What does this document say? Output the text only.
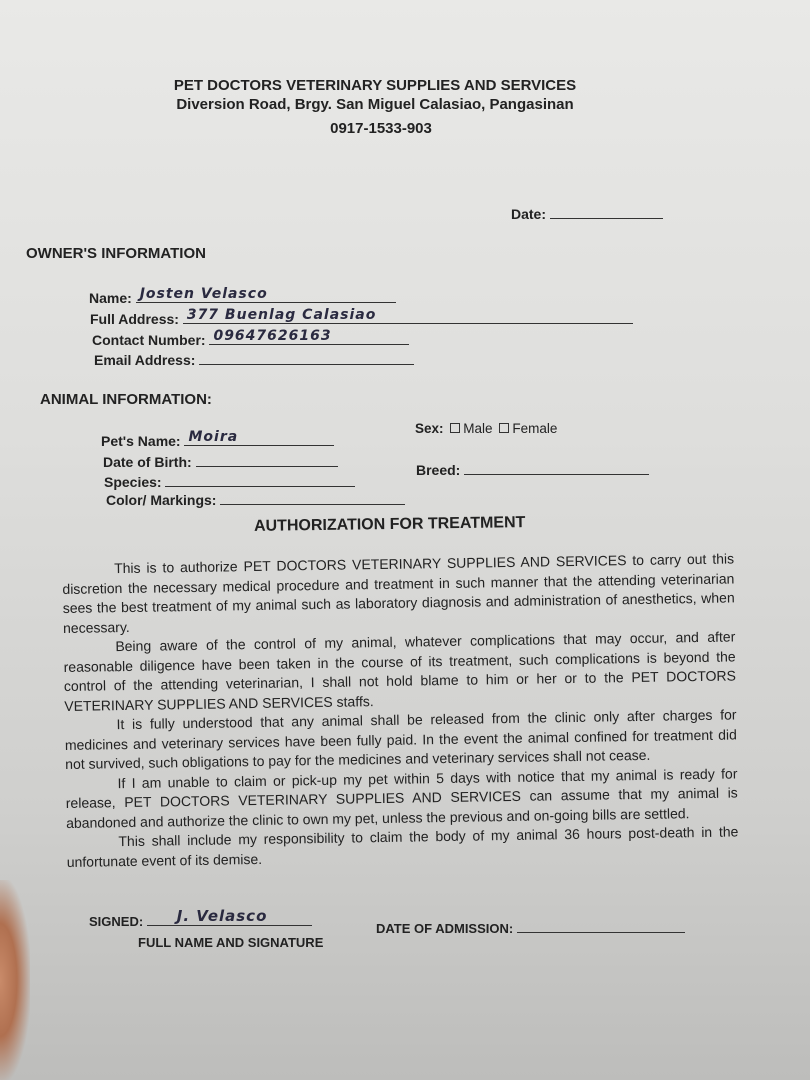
PET DOCTORS VETERINARY SUPPLIES AND SERVICES
Diversion Road, Brgy. San Miguel Calasiao, Pangasinan
0917-1533-903
Date:
OWNER'S INFORMATION
Name: Josten Velasco
Full Address: 377 Buenlag Calasiao
Contact Number: 09647626163
Email Address:
ANIMAL INFORMATION:
Pet's Name: Moira
Date of Birth:
Species:
Color/ Markings:
Sex: Male Female
Breed:
AUTHORIZATION FOR TREATMENT

This is to authorize PET DOCTORS VETERINARY SUPPLIES AND SERVICES to carry out this discretion the necessary medical procedure and treatment in such manner that the attending veterinarian sees the best treatment of my animal such as laboratory diagnosis and administration of anesthetics, when necessary.

Being aware of the control of my animal, whatever complications that may occur, and after reasonable diligence have been taken in the course of its treatment, such complications is beyond the control of the attending veterinarian, I shall not hold blame to him or her or to the PET DOCTORS VETERINARY SUPPLIES AND SERVICES staffs.

It is fully understood that any animal shall be released from the clinic only after charges for medicines and veterinary services have been fully paid. In the event the animal confined for treatment did not survived, such obligations to pay for the medicines and veterinary services shall not cease.

If I am unable to claim or pick-up my pet within 5 days with notice that my animal is ready for release, PET DOCTORS VETERINARY SUPPLIES AND SERVICES can assume that my animal is abandoned and authorize the clinic to own my pet, unless the previous and on-going bills are settled.

This shall include my responsibility to claim the body of my animal 36 hours post-death in the unfortunate event of its demise.

SIGNED: J. Velasco
FULL NAME AND SIGNATURE
DATE OF ADMISSION:
